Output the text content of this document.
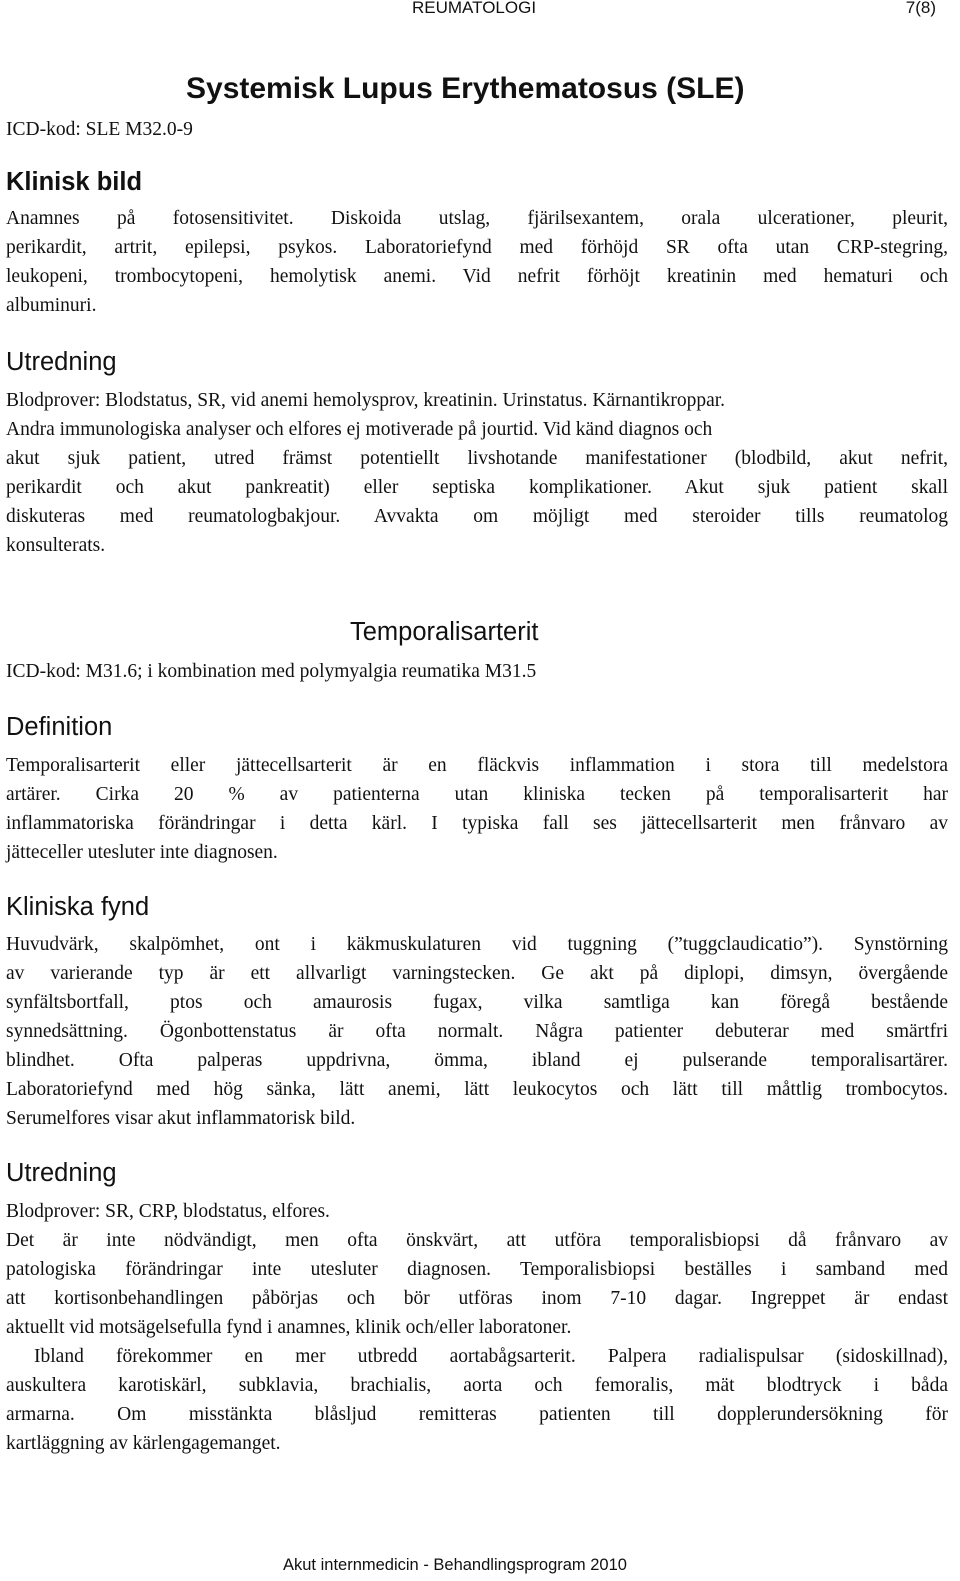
REUMATOLOGI	7(8)
Systemisk Lupus Erythematosus (SLE)
ICD-kod: SLE M32.0-9
Klinisk bild
Anamnes på fotosensitivitet. Diskoida utslag, fjärilsexantem, orala ulcerationer, pleurit,
perikardit, artrit, epilepsi, psykos. Laboratoriefynd med förhöjd SR ofta utan CRP-stegring,
leukopeni, trombocytopeni, hemolytisk anemi. Vid nefrit förhöjt kreatinin med hematuri och
albuminuri.
Utredning
Blodprover: Blodstatus, SR, vid anemi hemolysprov, kreatinin. Urinstatus. Kärnantikroppar.
Andra immunologiska analyser och elfores ej motiverade på jourtid. Vid känd diagnos och
akut sjuk patient, utred främst potentiellt livshotande manifestationer (blodbild, akut nefrit,
perikardit och akut pankreatit) eller septiska komplikationer. Akut sjuk patient skall
diskuteras med reumatologbakjour. Avvakta om möjligt med steroider tills reumatolog
konsulterats.
Temporalisarterit
ICD-kod: M31.6; i kombination med polymyalgia reumatika M31.5
Definition
Temporalisarterit eller jättecellsarterit är en fläckvis inflammation i stora till medelstora
artärer. Cirka 20 % av patienterna utan kliniska tecken på temporalisarterit har
inflammatoriska förändringar i detta kärl. I typiska fall ses jättecellsarterit men frånvaro av
jätteceller utesluter inte diagnosen.
Kliniska fynd
Huvudvärk, skalpömhet, ont i käkmuskulaturen vid tuggning (”tuggclaudicatio”). Synstörning
av varierande typ är ett allvarligt varningstecken. Ge akt på diplopi, dimsyn, övergående
synfältsbortfall, ptos och amaurosis fugax, vilka samtliga kan föregå bestående
synnedsättning. Ögonbottenstatus är ofta normalt. Några patienter debuterar med smärtfri
blindhet. Ofta palperas uppdrivna, ömma, ibland ej pulserande temporalisartärer.
Laboratoriefynd med hög sänka, lätt anemi, lätt leukocytos och lätt till måttlig trombocytos.
Serumelfores visar akut inflammatorisk bild.
Utredning
Blodprover: SR, CRP, blodstatus, elfores.
Det är inte nödvändigt, men ofta önskvärt, att utföra temporalisbiopsi då frånvaro av
patologiska förändringar inte utesluter diagnosen. Temporalisbiopsi beställes i samband med
att kortisonbehandlingen påbörjas och bör utföras inom 7-10 dagar. Ingreppet är endast
aktuellt vid motsägelsefulla fynd i anamnes, klinik och/eller laboratoner.
Ibland förekommer en mer utbredd aortabågsarterit. Palpera radialispulsar (sidoskillnad),
auskultera karotiskärl, subklavia, brachialis, aorta och femoralis, mät blodtryck i båda
armarna. Om misstänkta blåsljud remitteras patienten till dopplerundersökning för
kartläggning av kärlengagemanget.
Akut internmedicin - Behandlingsprogram 2010
